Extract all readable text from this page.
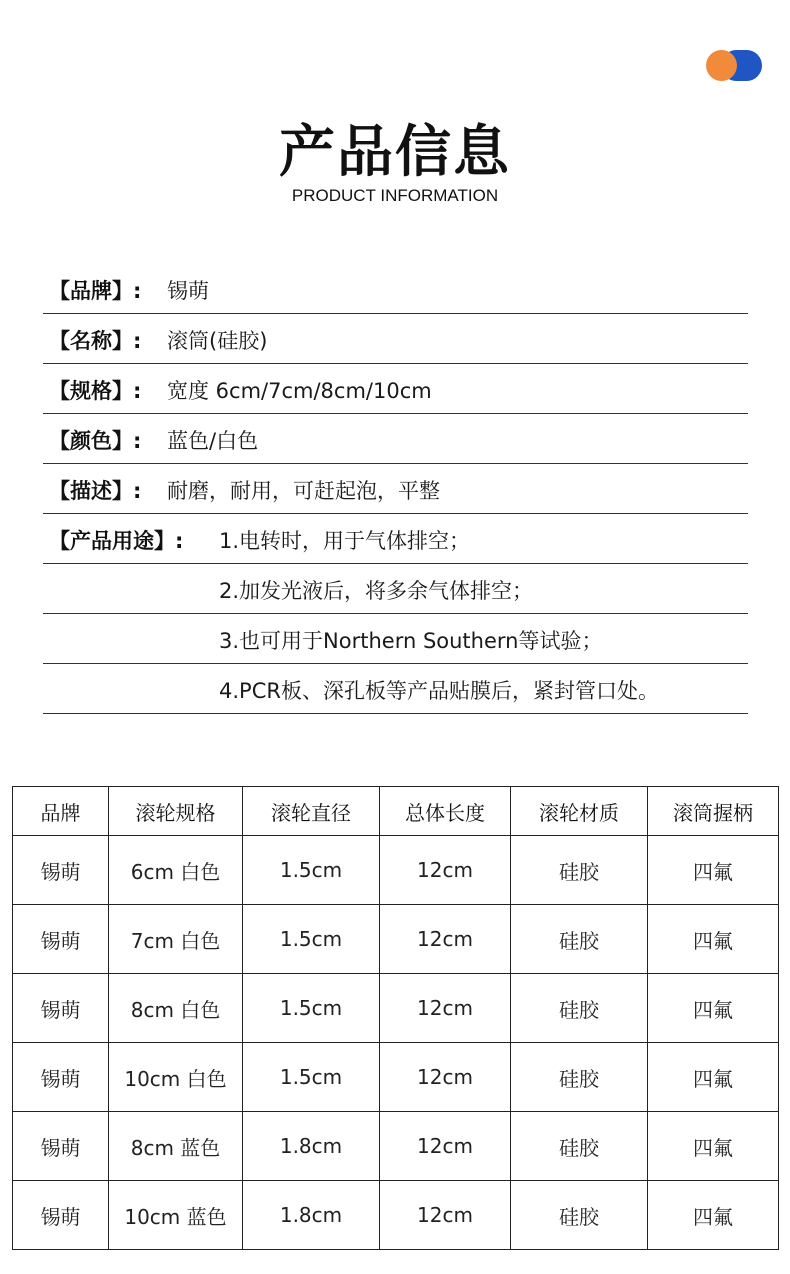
产品信息
PRODUCT INFORMATION
【品牌】: 锡萌
【名称】: 滚筒(硅胶)
【规格】: 宽度 6cm/7cm/8cm/10cm
【颜色】: 蓝色/白色
【描述】: 耐磨，耐用，可赶起泡，平整
【产品用途】: 1.电转时，用于气体排空；
2.加发光液后，将多余气体排空；
3.也可用于Northern Southern等试验；
4.PCR板、深孔板等产品贴膜后，紧封管口处。
品牌	滚轮规格	滚轮直径	总体长度	滚轮材质	滚筒握柄
锡萌	6cm 白色	1.5cm	12cm	硅胶	四氟
锡萌	7cm 白色	1.5cm	12cm	硅胶	四氟
锡萌	8cm 白色	1.5cm	12cm	硅胶	四氟
锡萌	10cm 白色	1.5cm	12cm	硅胶	四氟
锡萌	8cm 蓝色	1.8cm	12cm	硅胶	四氟
锡萌	10cm 蓝色	1.8cm	12cm	硅胶	四氟
